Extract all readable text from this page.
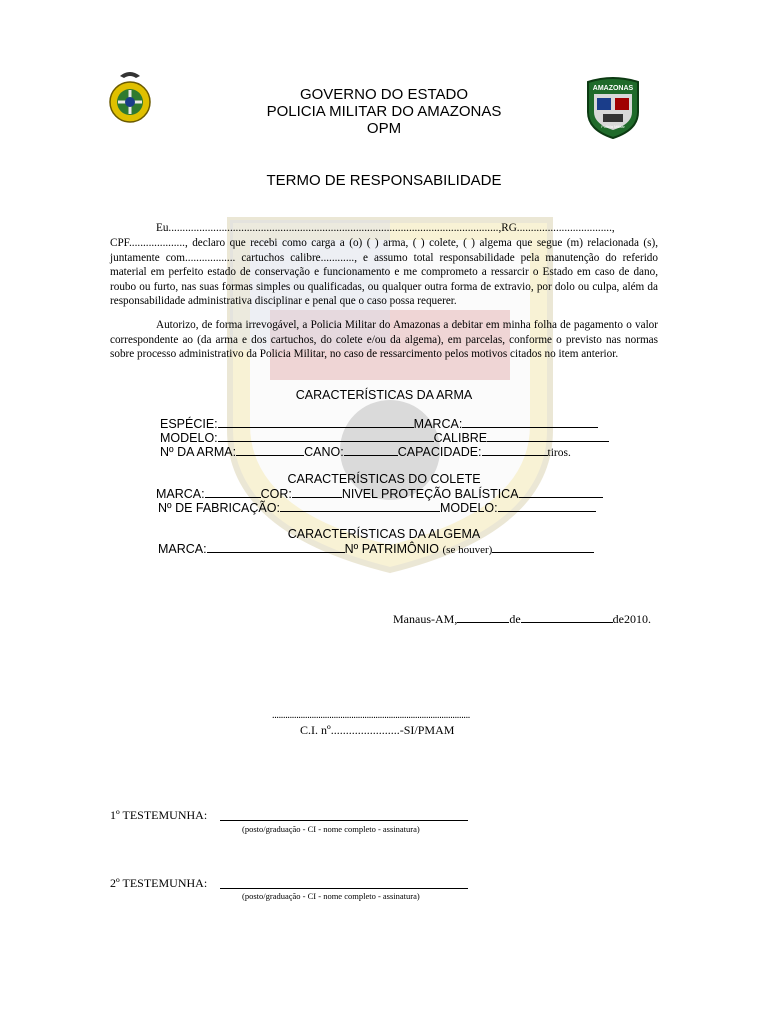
AMAZONAS
Policia Militar
GOVERNO DO ESTADO
POLICIA MILITAR DO AMAZONAS
OPM
TERMO DE RESPONSABILIDADE
Eu......................................................................................................................,RG..................................,
CPF...................., declaro que recebi como carga a (o) ( ) arma, ( ) colete, ( ) algema que segue (m) relacionada (s), juntamente com.................. cartuchos calibre............, e assumo total responsabilidade pela manutenção do referido material em perfeito estado de conservação e funcionamento e me comprometo a ressarcir o Estado em caso de dano, roubo ou furto, nas suas formas simples ou qualificadas, ou qualquer outra forma de extravio, por dolo ou culpa, além da responsabilidade administrativa disciplinar e penal que o caso possa requerer.
Autorizo, de forma irrevogável, a Policia Militar do Amazonas a debitar em minha folha de pagamento o valor correspondente ao (da arma e dos cartuchos, do colete e/ou da algema), em parcelas, conforme o previsto nas normas sobre processo administrativo da Policia Militar, no caso de ressarcimento pelos motivos citados no item anterior.
CARACTERÍSTICAS DA ARMA
ESPÉCIE:	MARCA:
MODELO:	CALIBRE
Nº DA ARMA:	CANO:	CAPACIDADE:	tiros.
CARACTERÍSTICAS DO COLETE
MARCA:	COR:	NIVEL PROTEÇÃO BALÍSTICA
Nº DE FABRICAÇÃO:	MODELO:
CARACTERÍSTICAS DA ALGEMA
MARCA:	Nº PATRIMÔNIO (se houver)
Manaus-AM,	de	de2010.
..........................................................................................
C.I. nº.......................-SI/PMAM
1º TESTEMUNHA:
(posto/graduação - CI - nome completo - assinatura)
2º TESTEMUNHA:
(posto/graduação - CI - nome completo - assinatura)
